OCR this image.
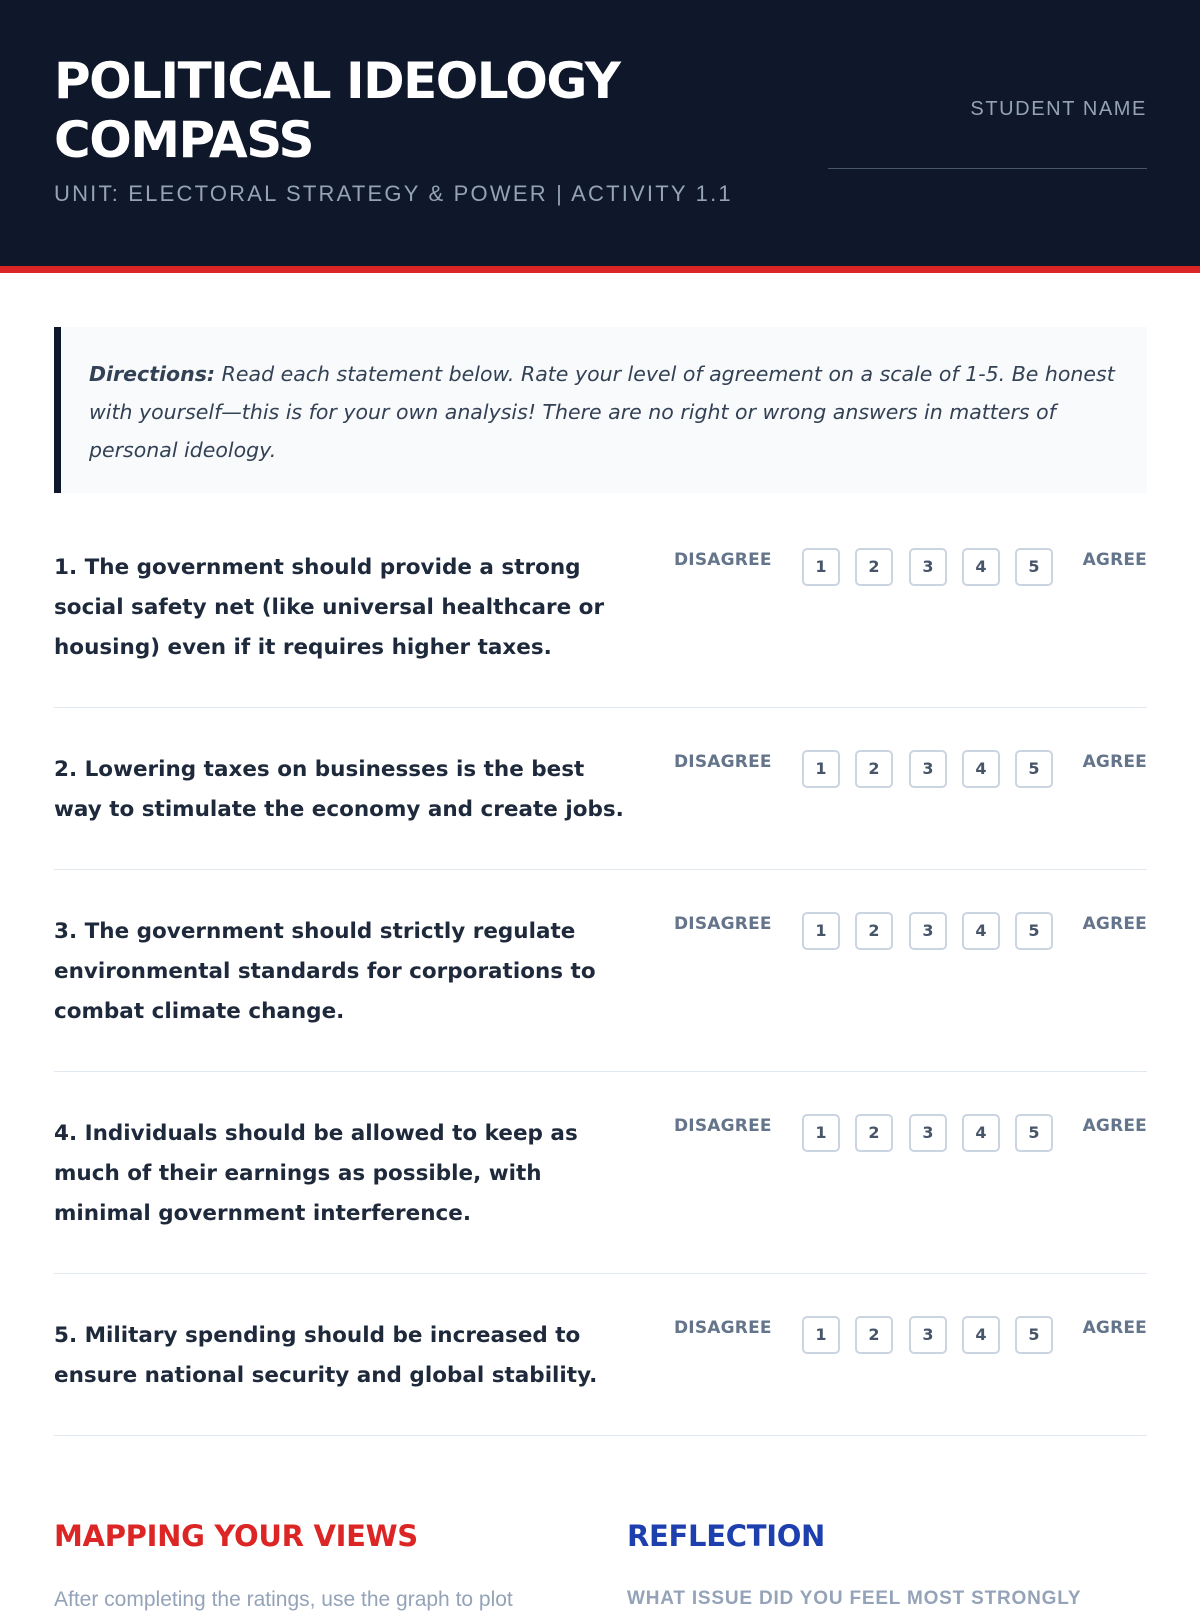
POLITICAL IDEOLOGY COMPASS
UNIT: ELECTORAL STRATEGY & POWER | ACTIVITY 1.1
STUDENT NAME
Directions: Read each statement below. Rate your level of agreement on a scale of 1-5. Be honest with yourself—this is for your own analysis! There are no right or wrong answers in matters of personal ideology.
1. The government should provide a strong social safety net (like universal healthcare or housing) even if it requires higher taxes.
DISAGREE	1	2	3	4	5	AGREE
2. Lowering taxes on businesses is the best way to stimulate the economy and create jobs.
DISAGREE	1	2	3	4	5	AGREE
3. The government should strictly regulate environmental standards for corporations to combat climate change.
DISAGREE	1	2	3	4	5	AGREE
4. Individuals should be allowed to keep as much of their earnings as possible, with minimal government interference.
DISAGREE	1	2	3	4	5	AGREE
5. Military spending should be increased to ensure national security and global stability.
DISAGREE	1	2	3	4	5	AGREE
MAPPING YOUR VIEWS	REFLECTION
After completing the ratings, use the graph to plot	WHAT ISSUE DID YOU FEEL MOST STRONGLY
